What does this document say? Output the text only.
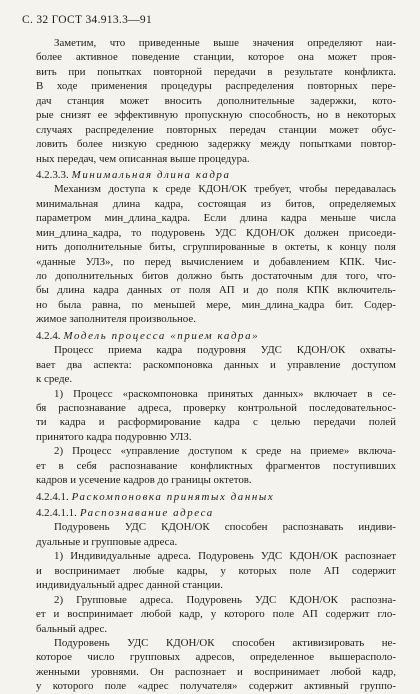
С. 32 ГОСТ 34.913.3—91
Заметим, что приведенные выше значения определяют наи-
более активное поведение станции, которое она может проя-
вить при попытках повторной передачи в результате конфликта.
В ходе применения процедуры распределения повторных пере-
дач станция может вносить дополнительные задержки, кото-
рые снизят ее эффективную пропускную способность, но в некоторых
случаях распределение повторных передач станции может обус-
ловить более низкую среднюю задержку между попытками повтор-
ных передач, чем описанная выше процедура.
4.2.3.3. Минимальная длина кадра
Механизм доступа к среде КДОН/ОК требует, чтобы передавалась
минимальная длина кадра, состоящая из битов, определяемых
параметром мин_длина_кадра. Если длина кадра меньше числа
мин_длина_кадра, то подуровень УДС КДОН/ОК должен присоеди-
нить дополнительные биты, сгруппированные в октеты, к концу поля
«данные УЛЗ», по перед вычислением и добавлением КПК. Чис-
ло дополнительных битов должно быть достаточным для того, что-
бы длина кадра данных от поля АП и до поля КПК включитель-
но была равна, по меньшей мере, мин_длина_кадра бит. Содер-
жимое заполнителя произвольное.
4.2.4. Модель процесса «прием кадра»
Процесс приема кадра подуровня УДС КДОН/ОК охваты-
вает два аспекта: раскомпоновка данных и управление доступом
к среде.
1) Процесс «раскомпоновка принятых данных» включает в се-
бя распознавание адреса, проверку контрольной последовательнос-
ти кадра и расформирование кадра с целью передачи полей
принятого кадра подуровню УЛЗ.
2) Процесс «управление доступом к среде на приеме» включа-
ет в себя распознавание конфликтных фрагментов поступивших
кадров и усечение кадров до границы октетов.
4.2.4.1. Раскомпоновка принятых данных
4.2.4.1.1. Распознавание адреса
Подуровень УДС КДОН/ОК способен распознавать индиви-
дуальные и групповые адреса.
1) Индивидуальные адреса. Подуровень УДС КДОН/ОК распознает
и воспринимает любые кадры, у которых поле АП содержит
индивидуальный адрес данной станции.
2) Групповые адреса. Подуровень УДС КДОН/ОК распозна-
ет и воспринимает любой кадр, у которого поле АП содержит гло-
бальный адрес.
Подуровень УДС КДОН/ОК способен активизировать не-
которое число групповых адресов, определенное вышерасполо-
женными уровнями. Он распознает и воспринимает любой кадр,
у которого поле «адрес получателя» содержит активный группо-
